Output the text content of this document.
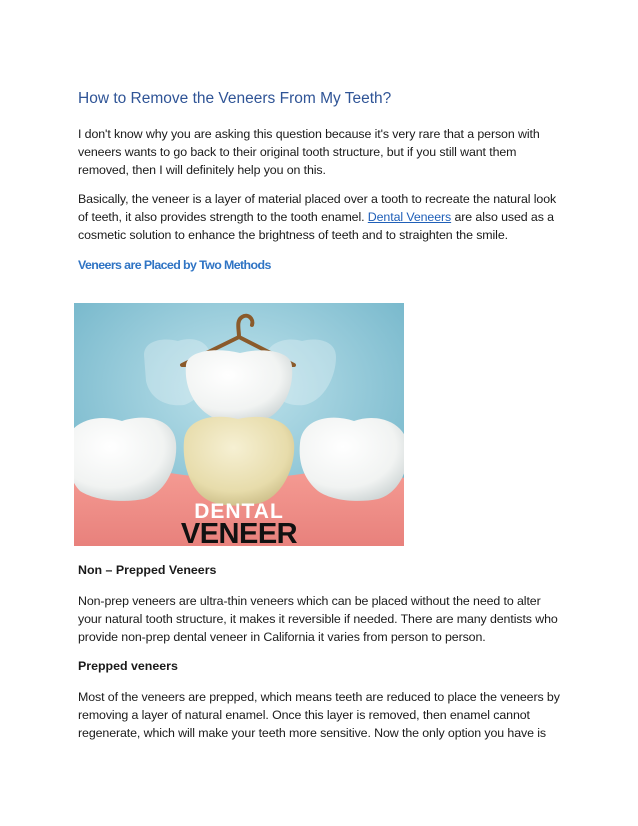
How to Remove the Veneers From My Teeth?

I don't know why you are asking this question because it's very rare that a person with veneers wants to go back to their original tooth structure, but if you still want them removed, then I will definitely help you on this.

Basically, the veneer is a layer of material placed over a tooth to recreate the natural look of teeth, it also provides strength to the tooth enamel. Dental Veneers are also used as a cosmetic solution to enhance the brightness of teeth and to straighten the smile.

Veneers are Placed by Two Methods
DENTAL
VENEER
Non – Prepped Veneers

Non-prep veneers are ultra-thin veneers which can be placed without the need to alter your natural tooth structure, it makes it reversible if needed. There are many dentists who provide non-prep dental veneer in California it varies from person to person.

Prepped veneers

Most of the veneers are prepped, which means teeth are reduced to place the veneers by removing a layer of natural enamel. Once this layer is removed, then enamel cannot regenerate, which will make your teeth more sensitive. Now the only option you have is
